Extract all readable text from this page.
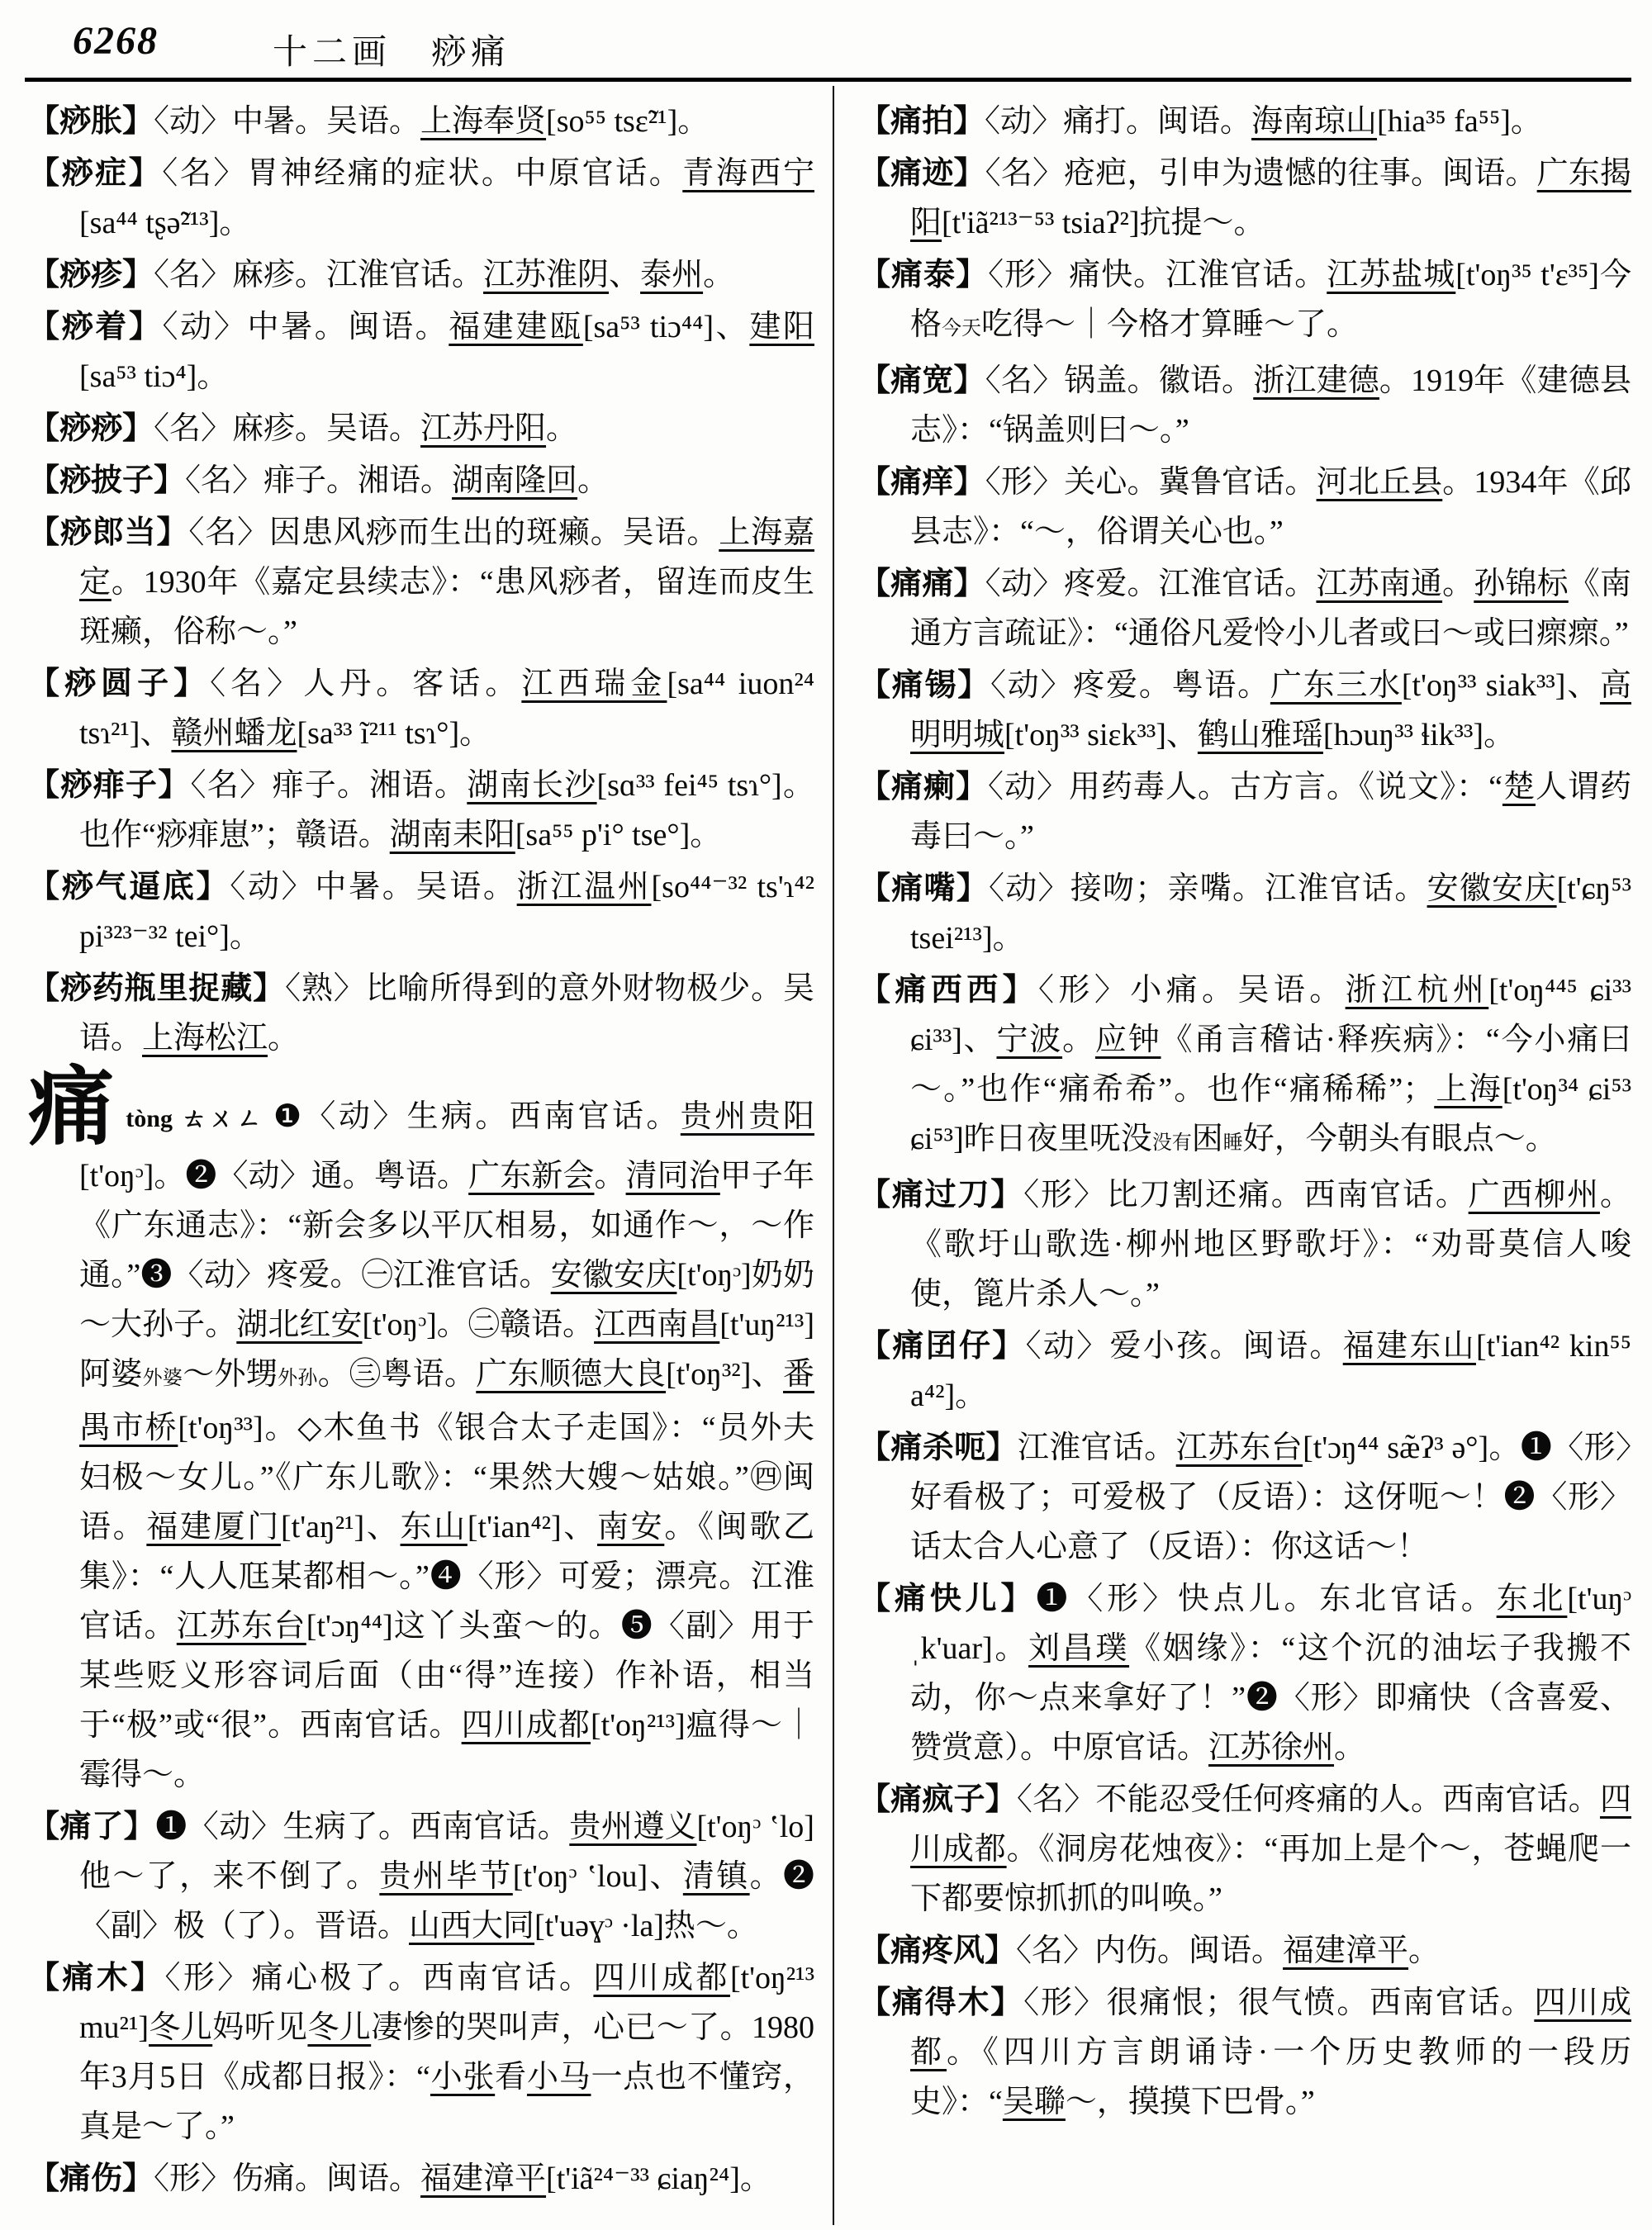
6268	十二画　 痧痛

【痧胀】〈动〉中暑。吴语。上海奉贤[so⁵⁵ tsɛ̃²¹]。

【痧症】〈名〉胃神经痛的症状。中原官话。青海西宁[sa⁴⁴ tʂə̃²¹³]。

【痧疹】〈名〉麻疹。江淮官话。江苏淮阴、泰州。

【痧着】〈动〉中暑。闽语。福建建瓯[sa⁵³ tiɔ⁴⁴]、建阳[sa⁵³ tiɔ⁴]。

【痧痧】〈名〉麻疹。吴语。江苏丹阳。

【痧披子】〈名〉痱子。湘语。湖南隆回。

【痧郎当】〈名〉因患风痧而生出的斑癞。吴语。上海嘉定。1930年《嘉定县续志》：“患风痧者，留连而皮生斑癞，俗称～。”

【痧圆子】〈名〉人丹。客话。江西瑞金[sa⁴⁴ iuon²⁴ tsɿ²¹]、赣州蟠龙[sa³³ ĩ²¹¹ tsɿ°]。

【痧痱子】〈名〉痱子。湘语。湖南长沙[sɑ³³ fei⁴⁵ tsɿ°]。也作“痧痱崽”；赣语。湖南耒阳[sa⁵⁵ p'i° tse°]。

【痧气逼底】〈动〉中暑。吴语。浙江温州[so⁴⁴⁻³² ts'ɿ⁴² pi³²³⁻³² tei°]。

【痧药瓶里捉藏】〈熟〉比喻所得到的意外财物极少。吴语。上海松江。

痛 tòng ㄊㄨㄥ ❶〈动〉生病。西南官话。贵州贵阳[t'oŋᵓ]。❷〈动〉通。粤语。广东新会。清同治甲子年《广东通志》：“新会多以平仄相易，如通作～，～作通。”❸〈动〉疼爱。㊀江淮官话。安徽安庆[t'oŋᵓ]奶奶～大孙子。湖北红安[t'oŋᵓ]。㊁赣语。江西南昌[t'uŋ²¹³]阿婆外婆～外甥外孙。㊂粤语。广东顺德大良[t'oŋ³²]、番禺市桥[t'oŋ³³]。◇木鱼书《银合太子走国》：“员外夫妇极～女儿。”《广东儿歌》：“果然大嫂～姑娘。”㊃闽语。福建厦门[t'aŋ²¹]、东山[t'ian⁴²]、南安。《闽歌乙集》：“人人尫某都相～。”❹〈形〉可爱；漂亮。江淮官话。江苏东台[t'ɔŋ⁴⁴]这丫头蛮～的。❺〈副〉用于某些贬义形容词后面（由“得”连接）作补语，相当于“极”或“很”。西南官话。四川成都[t'oŋ²¹³]瘟得～｜霉得～。

【痛了】❶〈动〉生病了。西南官话。贵州遵义[t'oŋᵓ ʽlo]他～了，来不倒了。贵州毕节[t'oŋᵓ ʽlou]、清镇。❷〈副〉极（了）。晋语。山西大同[t'uəɣᵓ ·la]热～。

【痛木】〈形〉痛心极了。西南官话。四川成都[t'oŋ²¹³ mu²¹]冬儿妈听见冬儿凄惨的哭叫声，心已～了。1980年3月5日《成都日报》：“小张看小马一点也不懂窍，真是～了。”

【痛伤】〈形〉伤痛。闽语。福建漳平[t'iã²⁴⁻³³ ɕiaŋ²⁴]。

【痛拍】〈动〉痛打。闽语。海南琼山[hia³⁵ fa⁵⁵]。

【痛迹】〈名〉疮疤，引申为遗憾的往事。闽语。广东揭阳[t'iã²¹³⁻⁵³ tsiaʔ²]抗提～。

【痛泰】〈形〉痛快。江淮官话。江苏盐城[t'oŋ³⁵ t'ɛ³⁵]今格今天吃得～｜今格才算睡～了。

【痛宽】〈名〉锅盖。徽语。浙江建德。1919年《建德县志》：“锅盖则曰～。”

【痛痒】〈形〉关心。冀鲁官话。河北丘县。1934年《邱县志》：“～，俗谓关心也。”

【痛痛】〈动〉疼爱。江淮官话。江苏南通。孙锦标《南通方言疏证》：“通俗凡爱怜小儿者或曰～或曰瘝瘝。”

【痛锡】〈动〉疼爱。粤语。广东三水[t'oŋ³³ siak³³]、高明明城[t'oŋ³³ siɛk³³]、鹤山雅瑶[hɔuŋ³³ ɬik³³]。

【痛瘌】〈动〉用药毒人。古方言。《说文》：“楚人谓药毒曰～。”

【痛嘴】〈动〉接吻；亲嘴。江淮官话。安徽安庆[t'ɕŋ⁵³ tsei²¹³]。

【痛西西】〈形〉小痛。吴语。浙江杭州[t'oŋ⁴⁴⁵ ɕi³³ ɕi³³]、宁波。应钟《甬言稽诂·释疾病》：“今小痛曰～。”也作“痛希希”。也作“痛稀稀”；上海[t'oŋ³⁴ ɕi⁵³ ɕi⁵³]昨日夜里呒没没有困睡好，今朝头有眼点～。

【痛过刀】〈形〉比刀割还痛。西南官话。广西柳州。《歌圩山歌选·柳州地区野歌圩》：“劝哥莫信人唆使，篦片杀人～。”

【痛囝仔】〈动〉爱小孩。闽语。福建东山[t'ian⁴² kin⁵⁵ a⁴²]。

【痛杀呃】江淮官话。江苏东台[t'ɔŋ⁴⁴ sæ̃ʔ³ ə°]。❶〈形〉好看极了；可爱极了（反语）：这伢呃～！❷〈形〉话太合人心意了（反语）：你这话～！

【痛快儿】❶〈形〉快点儿。东北官话。东北[t'uŋᵓ ˌk'uar]。刘昌璞《姻缘》：“这个沉的油坛子我搬不动，你～点来拿好了！”❷〈形〉即痛快（含喜爱、赞赏意）。中原官话。江苏徐州。

【痛疯子】〈名〉不能忍受任何疼痛的人。西南官话。四川成都。《洞房花烛夜》：“再加上是个～，苍蝇爬一下都要惊抓抓的叫唤。”

【痛疼风】〈名〉内伤。闽语。福建漳平。

【痛得木】〈形〉很痛恨；很气愤。西南官话。四川成都。《四川方言朗诵诗·一个历史教师的一段历史》：“吴聯～，摸摸下巴骨。”
